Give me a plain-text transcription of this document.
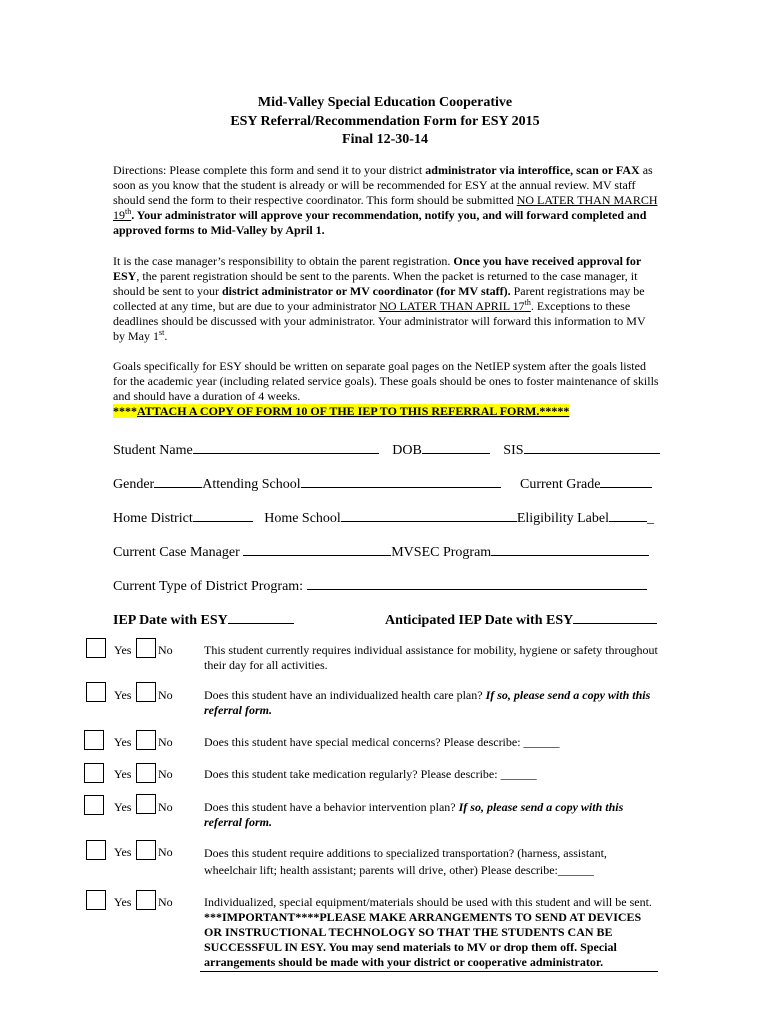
Mid-Valley Special Education Cooperative
ESY Referral/Recommendation Form for ESY 2015
Final 12-30-14
Directions: Please complete this form and send it to your district administrator via interoffice, scan or FAX as soon as you know that the student is already or will be recommended for ESY at the annual review. MV staff should send the form to their respective coordinator. This form should be submitted NO LATER THAN MARCH 19th. Your administrator will approve your recommendation, notify you, and will forward completed and approved forms to Mid-Valley by April 1.
It is the case manager’s responsibility to obtain the parent registration. Once you have received approval for ESY, the parent registration should be sent to the parents. When the packet is returned to the case manager, it should be sent to your district administrator or MV coordinator (for MV staff). Parent registrations may be collected at any time, but are due to your administrator NO LATER THAN APRIL 17th. Exceptions to these deadlines should be discussed with your administrator. Your administrator will forward this information to MV by May 1st.
Goals specifically for ESY should be written on separate goal pages on the NetIEP system after the goals listed for the academic year (including related service goals). These goals should be ones to foster maintenance of skills and should have a duration of 4 weeks.
****ATTACH A COPY OF FORM 10 OF THE IEP TO THIS REFERRAL FORM.*****
Student Name	DOB	SIS
Gender	Attending School	Current Grade
Home District	Home School	Eligibility Label	_
Current Case Manager	MVSEC Program
Current Type of District Program:
IEP Date with ESY	Anticipated IEP Date with ESY
Yes No	This student currently requires individual assistance for mobility, hygiene or safety throughout their day for all activities.
Yes No	Does this student have an individualized health care plan? If so, please send a copy with this referral form.
Yes No	Does this student have special medical concerns? Please describe: ______
Yes No	Does this student take medication regularly? Please describe: ______
Yes No	Does this student have a behavior intervention plan? If so, please send a copy with this referral form.
Yes No	Does this student require additions to specialized transportation? (harness, assistant, wheelchair lift; health assistant; parents will drive, other) Please describe:______
Yes No	Individualized, special equipment/materials should be used with this student and will be sent. ***IMPORTANT****PLEASE MAKE ARRANGEMENTS TO SEND AT DEVICES OR INSTRUCTIONAL TECHNOLOGY SO THAT THE STUDENTS CAN BE SUCCESSFUL IN ESY. You may send materials to MV or drop them off. Special arrangements should be made with your district or cooperative administrator.
